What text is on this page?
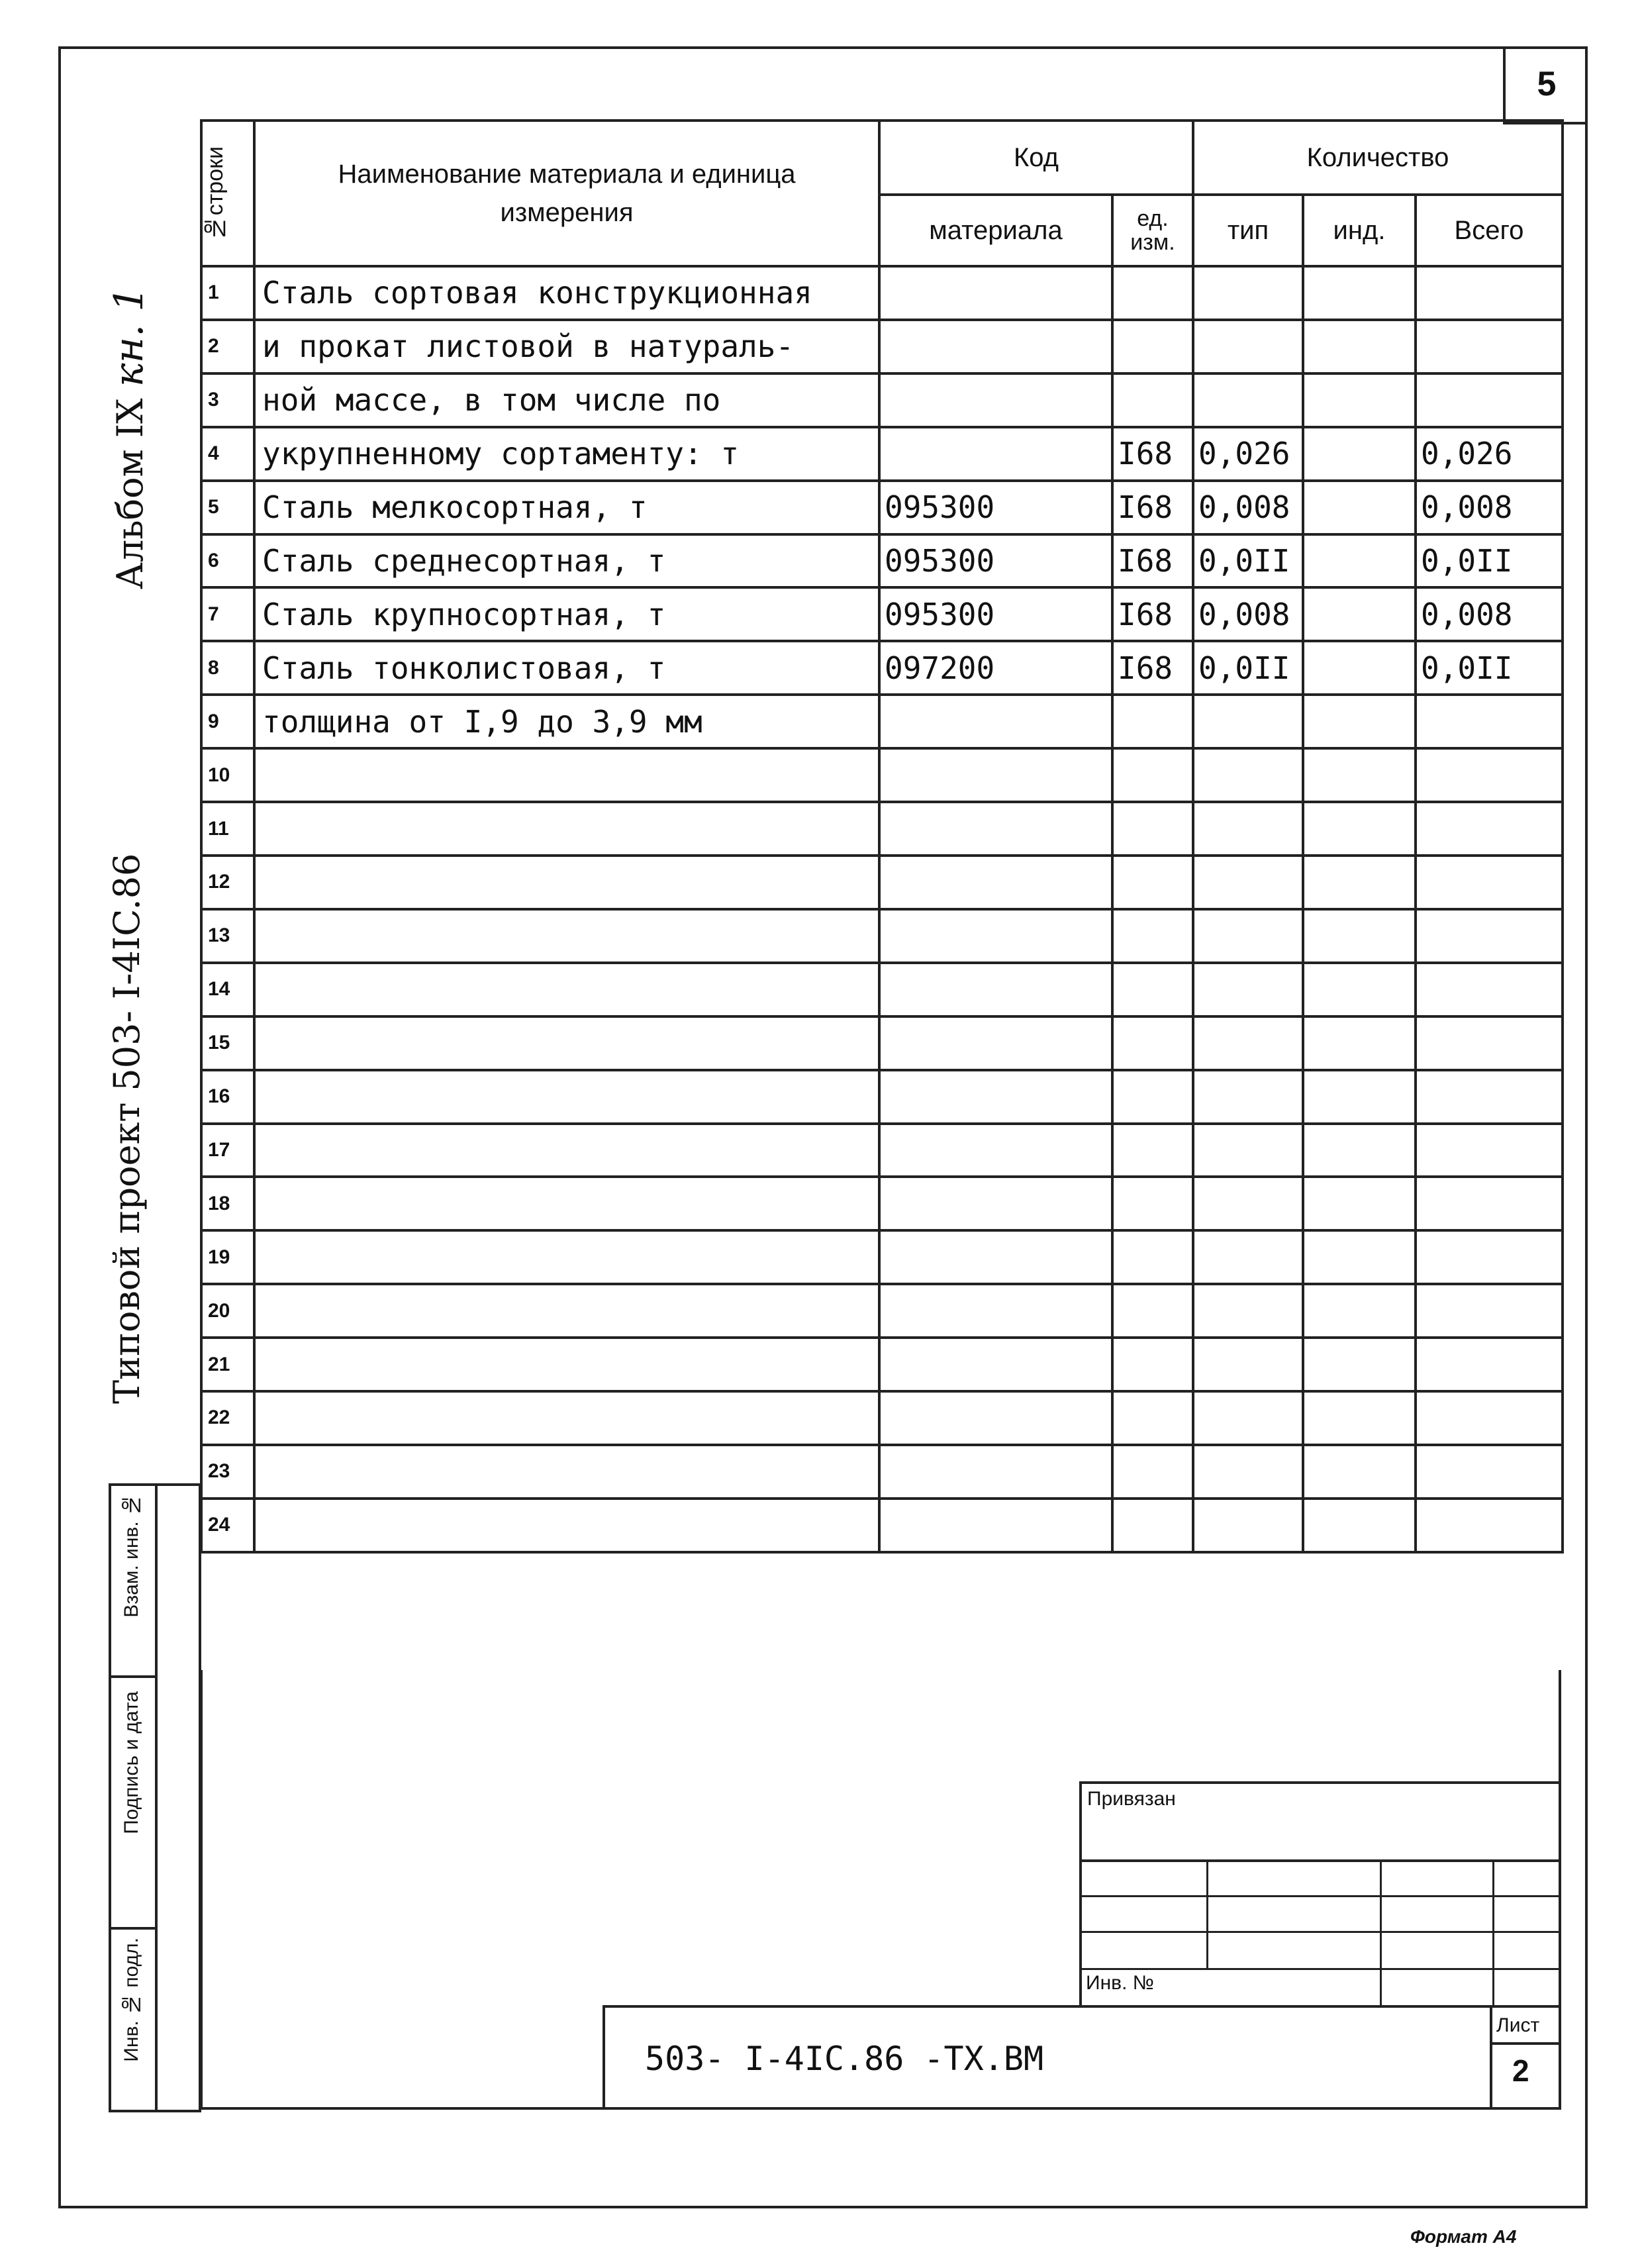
5
Альбом IX кн. 1
Типовой проект 503- I-4IC.86
№строки	Наименование материала и единица измерения	Код		Количество		
		материала	ед. изм.	тип	инд.	Всего
1	Сталь сортовая конструкционная					
2	и прокат листовой в натураль-					
3	ной массе, в том числе по					
4	укрупненному сортаменту: т		I68	0,026		0,026
5	Сталь мелкосортная, т	095300	I68	0,008		0,008
6	Сталь среднесортная, т	095300	I68	0,0II		0,0II
7	Сталь крупносортная, т	095300	I68	0,008		0,008
8	Сталь тонколистовая, т	097200	I68	0,0II		0,0II
9	толщина от I,9 до 3,9 мм					
10						
11						
12						
13						
14						
15						
16						
17						
18						
19						
20						
21						
22						
23						
24						
Взам. инв. №
Подпись и дата
Инв. № подл.
Привязан
Инв. №
503- I-4IC.86 -ТХ.ВМ
Лист
2
Формат А4
